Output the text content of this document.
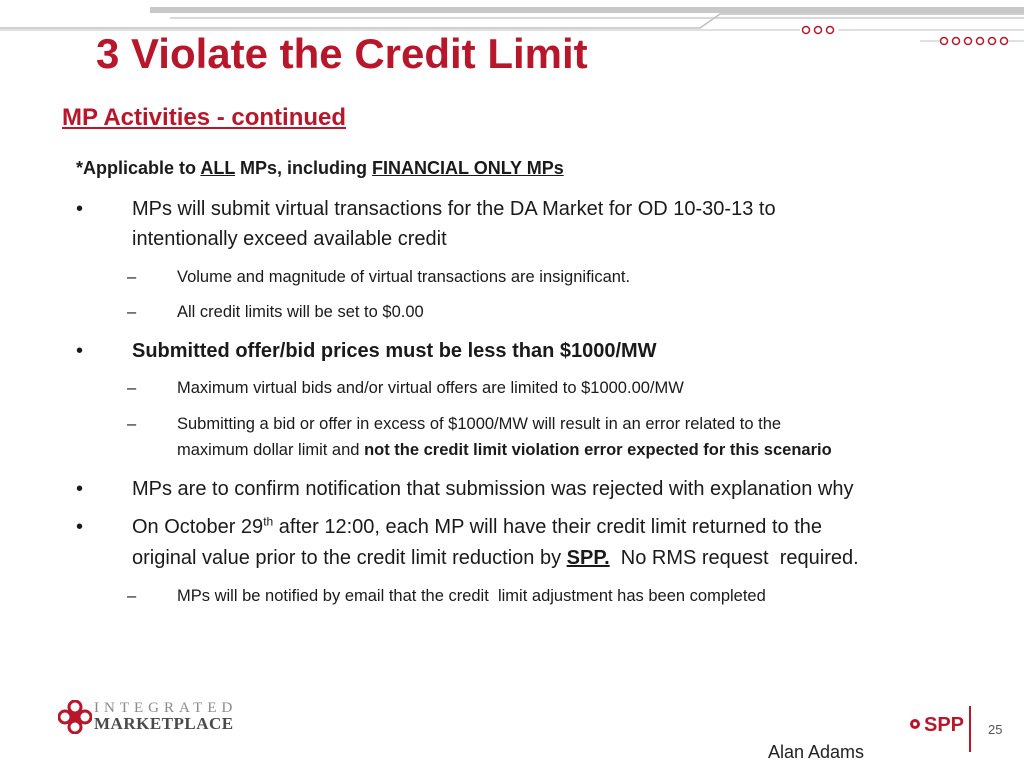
3 Violate the Credit Limit
MP Activities - continued
*Applicable to ALL MPs, including FINANCIAL ONLY MPs
• MPs will submit virtual transactions for the DA Market for OD 10-30-13 to
intentionally exceed available credit
– Volume and magnitude of virtual transactions are insignificant.
– All credit limits will be set to $0.00
• Submitted offer/bid prices must be less than $1000/MW
– Maximum virtual bids and/or virtual offers are limited to $1000.00/MW
– Submitting a bid or offer in excess of $1000/MW will result in an error related to the
maximum dollar limit and not the credit limit violation error expected for this scenario
• MPs are to confirm notification that submission was rejected with explanation why
• On October 29th after 12:00, each MP will have their credit limit returned to the
original value prior to the credit limit reduction by SPP.  No RMS request  required.
– MPs will be notified by email that the credit  limit adjustment has been completed
INTEGRATED
MARKETPLACE	SPP 25
Alan Adams
